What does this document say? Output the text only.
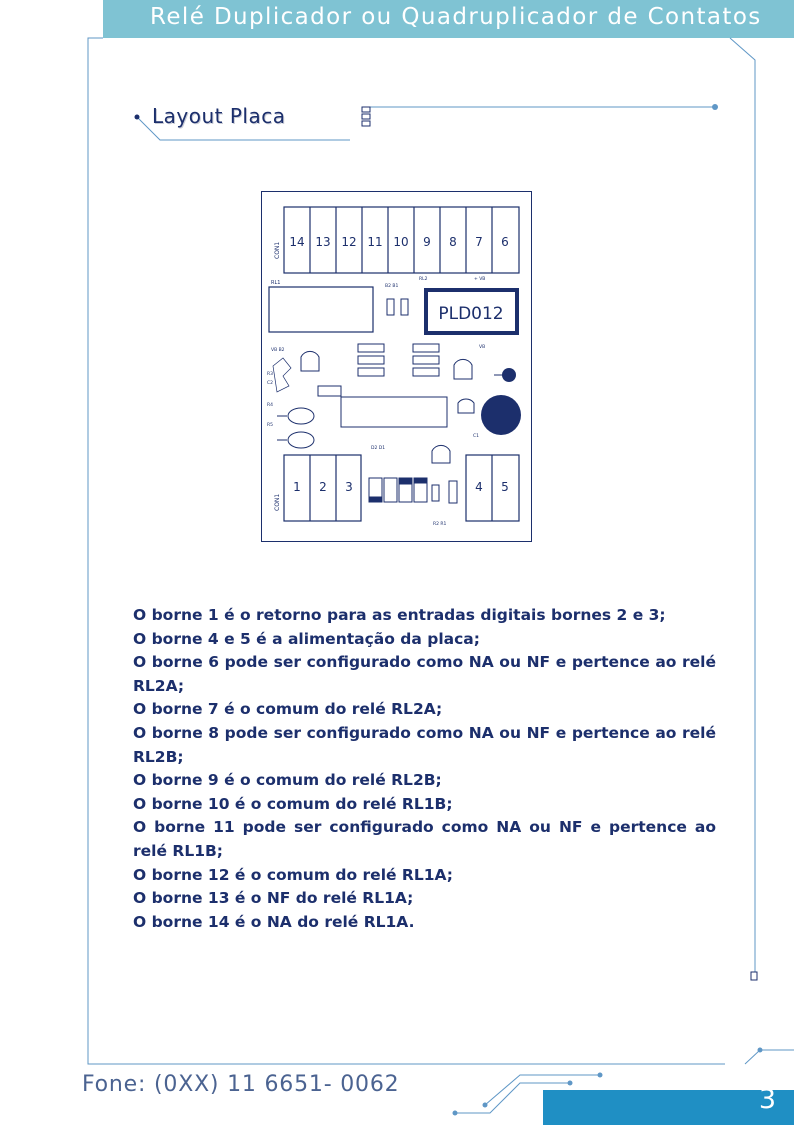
Relé Duplicador ou Quadruplicador de Contatos
Layout Placa
14 13 12 11 10 9 8 7 6
CON1
RL1
PLD012
B2 B1
RL2	+ VB
VB B2
VB
C1
D2 D1
R2 R1
R3
C2
R4
R5
1 2 3
CON1
4 5

O borne 1 é o retorno para as entradas digitais bornes 2 e 3;

O borne 4 e 5 é a alimentação da placa;

O borne 6 pode ser configurado como NA ou NF e pertence ao relé RL2A;

O borne 7 é o comum do relé RL2A;

O borne 8 pode ser configurado como NA ou NF e pertence ao relé RL2B;

O borne 9 é o comum do relé RL2B;

O borne 10 é o comum do relé RL1B;

O borne 11 pode ser configurado como NA ou NF e pertence ao relé RL1B;

O borne 12 é o comum do relé RL1A;

O borne 13 é o NF do relé RL1A;

O borne 14 é o NA do relé RL1A.

Fone: (0XX) 11 6651- 0062	3
